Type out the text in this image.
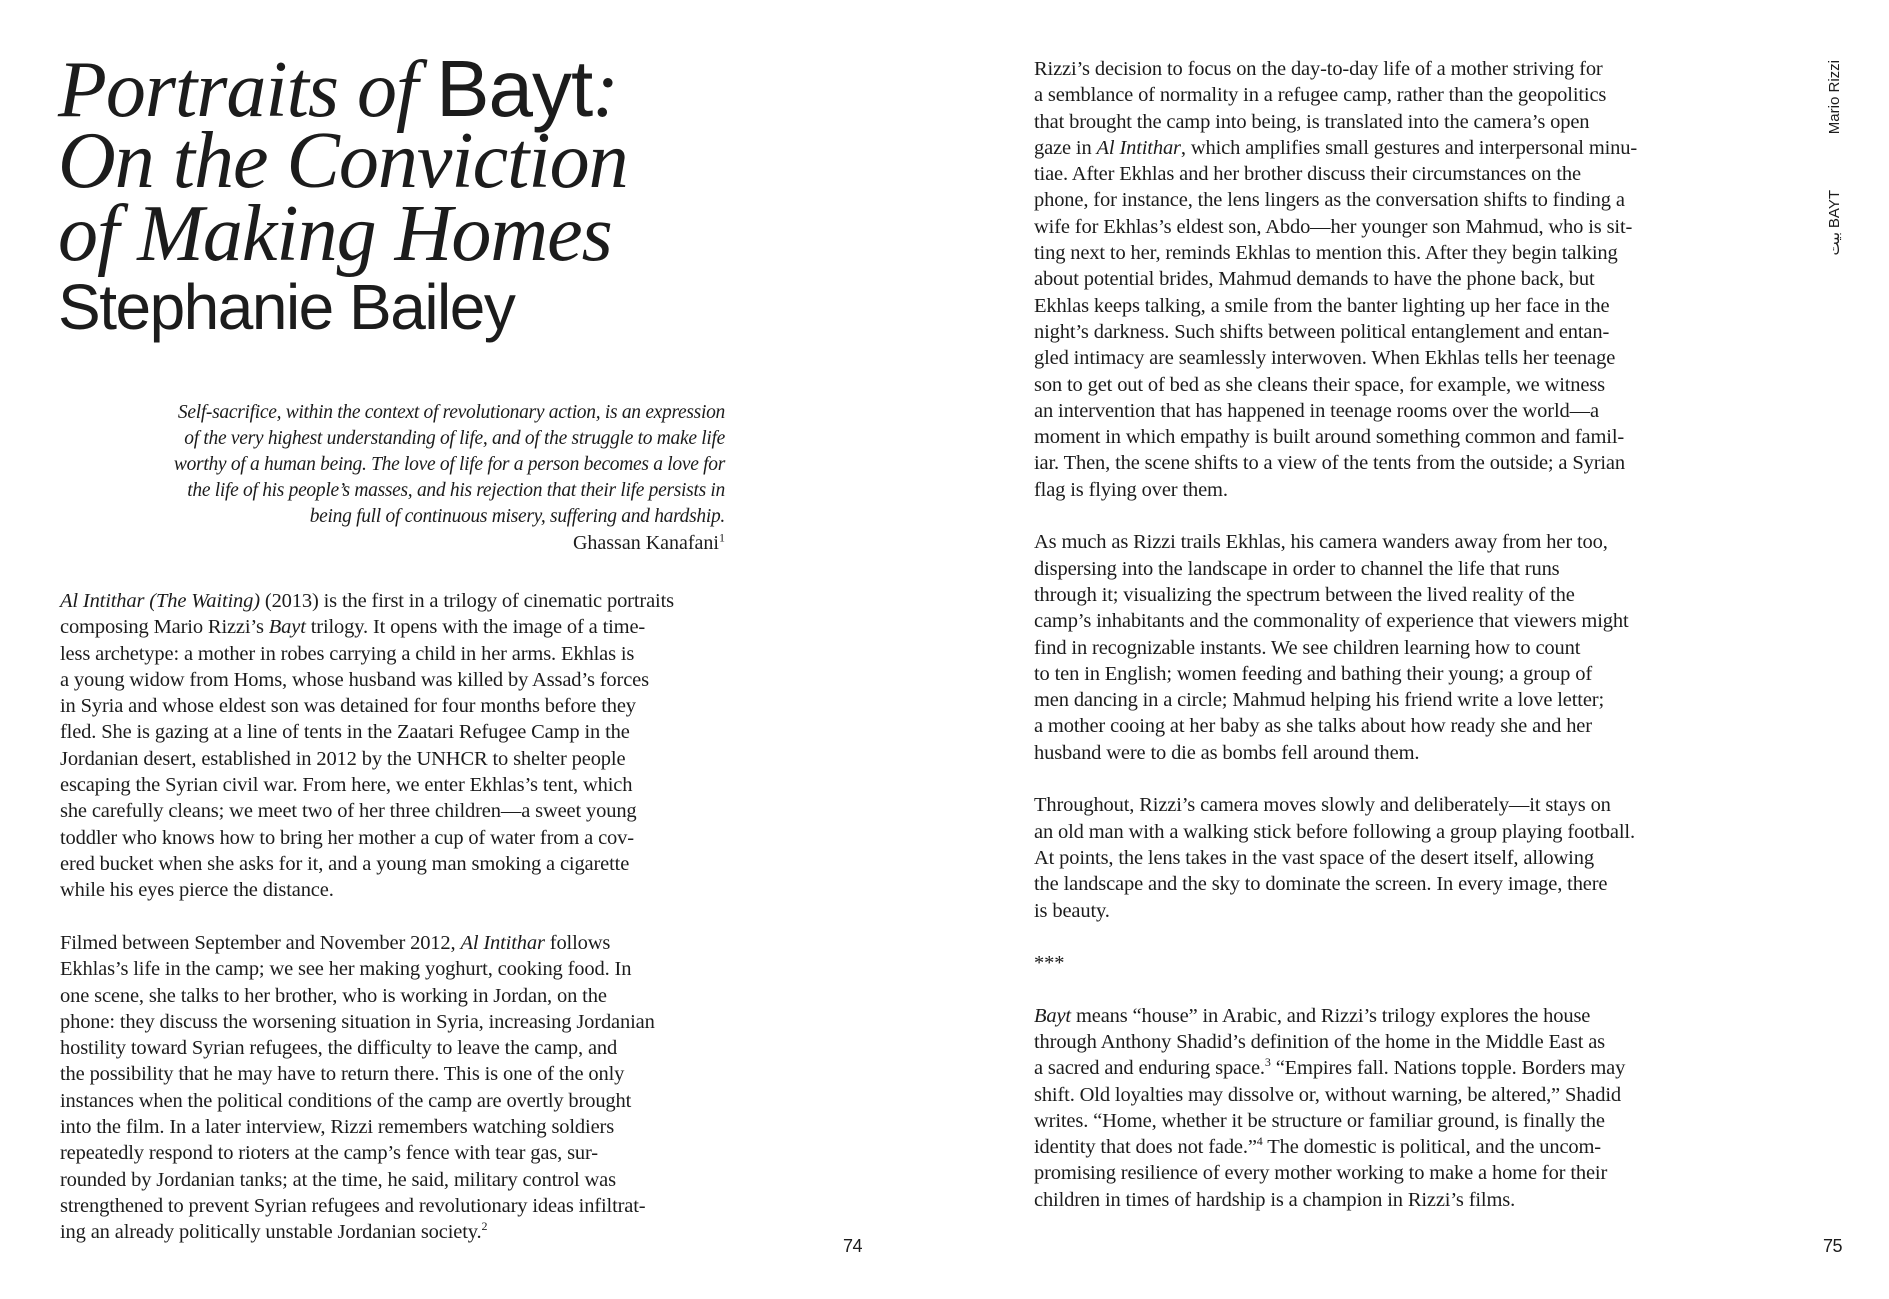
Portraits of Bayt:
On the Conviction
of Making Homes
Stephanie Bailey
Self-sacrifice, within the context of revolutionary action, is an expression
of the very highest understanding of life, and of the struggle to make life
worthy of a human being. The love of life for a person becomes a love for
the life of his people’s masses, and his rejection that their life persists in
being full of continuous misery, suffering and hardship.
Ghassan Kanafani$^1$
Al Intithar (The Waiting) (2013) is the first in a trilogy of cinematic portraits
composing Mario Rizzi’s Bayt trilogy. It opens with the image of a time-
less archetype: a mother in robes carrying a child in her arms. Ekhlas is
a young widow from Homs, whose husband was killed by Assad’s forces
in Syria and whose eldest son was detained for four months before they
fled. She is gazing at a line of tents in the Zaatari Refugee Camp in the
Jordanian desert, established in 2012 by the UNHCR to shelter people
escaping the Syrian civil war. From here, we enter Ekhlas’s tent, which
she carefully cleans; we meet two of her three children—a sweet young
toddler who knows how to bring her mother a cup of water from a cov-
ered bucket when she asks for it, and a young man smoking a cigarette
while his eyes pierce the distance.
Filmed between September and November 2012, Al Intithar follows
Ekhlas’s life in the camp; we see her making yoghurt, cooking food. In
one scene, she talks to her brother, who is working in Jordan, on the
phone: they discuss the worsening situation in Syria, increasing Jordanian
hostility toward Syrian refugees, the difficulty to leave the camp, and
the possibility that he may have to return there. This is one of the only
instances when the political conditions of the camp are overtly brought
into the film. In a later interview, Rizzi remembers watching soldiers
repeatedly respond to rioters at the camp’s fence with tear gas, sur-
rounded by Jordanian tanks; at the time, he said, military control was
strengthened to prevent Syrian refugees and revolutionary ideas infiltrat-
ing an already politically unstable Jordanian society.$^2$
74
Rizzi’s decision to focus on the day-to-day life of a mother striving for
a semblance of normality in a refugee camp, rather than the geopolitics
that brought the camp into being, is translated into the camera’s open
gaze in Al Intithar, which amplifies small gestures and interpersonal minu-
tiae. After Ekhlas and her brother discuss their circumstances on the
phone, for instance, the lens lingers as the conversation shifts to finding a
wife for Ekhlas’s eldest son, Abdo—her younger son Mahmud, who is sit-
ting next to her, reminds Ekhlas to mention this. After they begin talking
about potential brides, Mahmud demands to have the phone back, but
Ekhlas keeps talking, a smile from the banter lighting up her face in the
night’s darkness. Such shifts between political entanglement and entan-
gled intimacy are seamlessly interwoven. When Ekhlas tells her teenage
son to get out of bed as she cleans their space, for example, we witness
an intervention that has happened in teenage rooms over the world—a
moment in which empathy is built around something common and famil-
iar. Then, the scene shifts to a view of the tents from the outside; a Syrian
flag is flying over them.
As much as Rizzi trails Ekhlas, his camera wanders away from her too,
dispersing into the landscape in order to channel the life that runs
through it; visualizing the spectrum between the lived reality of the
camp’s inhabitants and the commonality of experience that viewers might
find in recognizable instants. We see children learning how to count
to ten in English; women feeding and bathing their young; a group of
men dancing in a circle; Mahmud helping his friend write a love letter;
a mother cooing at her baby as she talks about how ready she and her
husband were to die as bombs fell around them.
Throughout, Rizzi’s camera moves slowly and deliberately—it stays on
an old man with a walking stick before following a group playing football.
At points, the lens takes in the vast space of the desert itself, allowing
the landscape and the sky to dominate the screen. In every image, there
is beauty.
***
Bayt means “house” in Arabic, and Rizzi’s trilogy explores the house
through Anthony Shadid’s definition of the home in the Middle East as
a sacred and enduring space.$^3$ “Empires fall. Nations topple. Borders may
shift. Old loyalties may dissolve or, without warning, be altered,” Shadid
writes. “Home, whether it be structure or familiar ground, is finally the
identity that does not fade.”$^4$ The domestic is political, and the uncom-
promising resilience of every mother working to make a home for their
children in times of hardship is a champion in Rizzi’s films.
Mario Rizzi
BAYT
بيت
75
